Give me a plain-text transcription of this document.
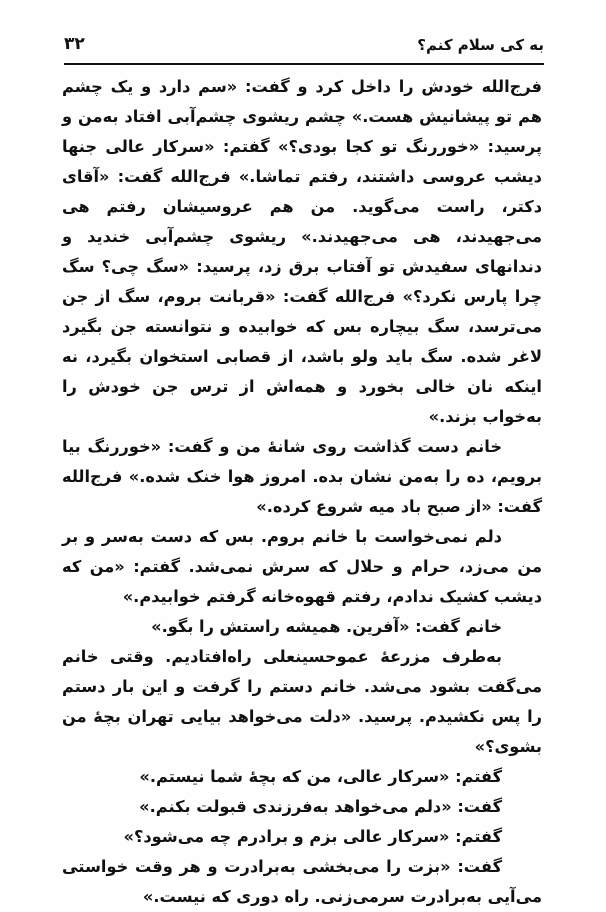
به کی سلام کنم؟
۳۲

فرج‌الله خودش را داخل کرد و گفت: «سم دارد و یک چشم هم تو پیشانیش هست.» چشم ریشوی چشم‌آبی افتاد به‌من و پرسید: «خوررنگ تو کجا بودی؟» گفتم: «سرکار عالی جنها دیشب عروسی داشتند، رفتم تماشا.» فرج‌الله گفت: «آقای دکتر، راست می‌گوید. من هم عروسیشان رفتم هی می‌جهیدند، هی می‌جهیدند.» ریشوی چشم‌آبی خندید و دندانهای سفیدش تو آفتاب برق زد، پرسید: «سگ چی؟ سگ چرا پارس نکرد؟» فرج‌الله گفت: «قربانت بروم، سگ از جن می‌ترسد، سگ بیچاره بس که خوابیده و نتوانسته جن بگیرد لاغر شده. سگ باید ولو باشد، از قصابی استخوان بگیرد، نه اینکه نان خالی بخورد و همه‌اش از ترس جن خودش را به‌خواب بزند.»

خانم دست گذاشت روی شانهٔ من و گفت: «خوررنگ بیا برویم، ده را به‌من نشان بده. امروز هوا خنک شده.» فرج‌الله گفت: «از صبح باد میه شروع کرده.»

دلم نمی‌خواست با خانم بروم. بس که دست به‌سر و بر من می‌زد، حرام و حلال که سرش نمی‌شد. گفتم: «من که دیشب کشیک ندادم، رفتم قهوه‌خانه گرفتم خوابیدم.»

خانم گفت: «آفرین. همیشه راستش را بگو.»

به‌طرف مزرعهٔ عموحسینعلی راه‌افتادیم. وقتی خانم می‌گفت بشود می‌شد. خانم دستم را گرفت و این بار دستم را پس نکشیدم. پرسید. «دلت می‌خواهد بیایی تهران بچهٔ من بشوی؟»

گفتم: «سرکار عالی، من که بچهٔ شما نیستم.»

گفت: «دلم می‌خواهد به‌فرزندی قبولت بکنم.»

گفتم: «سرکار عالی بزم و برادرم چه می‌شود؟»

گفت: «بزت را می‌بخشی به‌برادرت و هر وقت خواستی می‌آیی به‌برادرت سرمی‌زنی. راه دوری که نیست.»
